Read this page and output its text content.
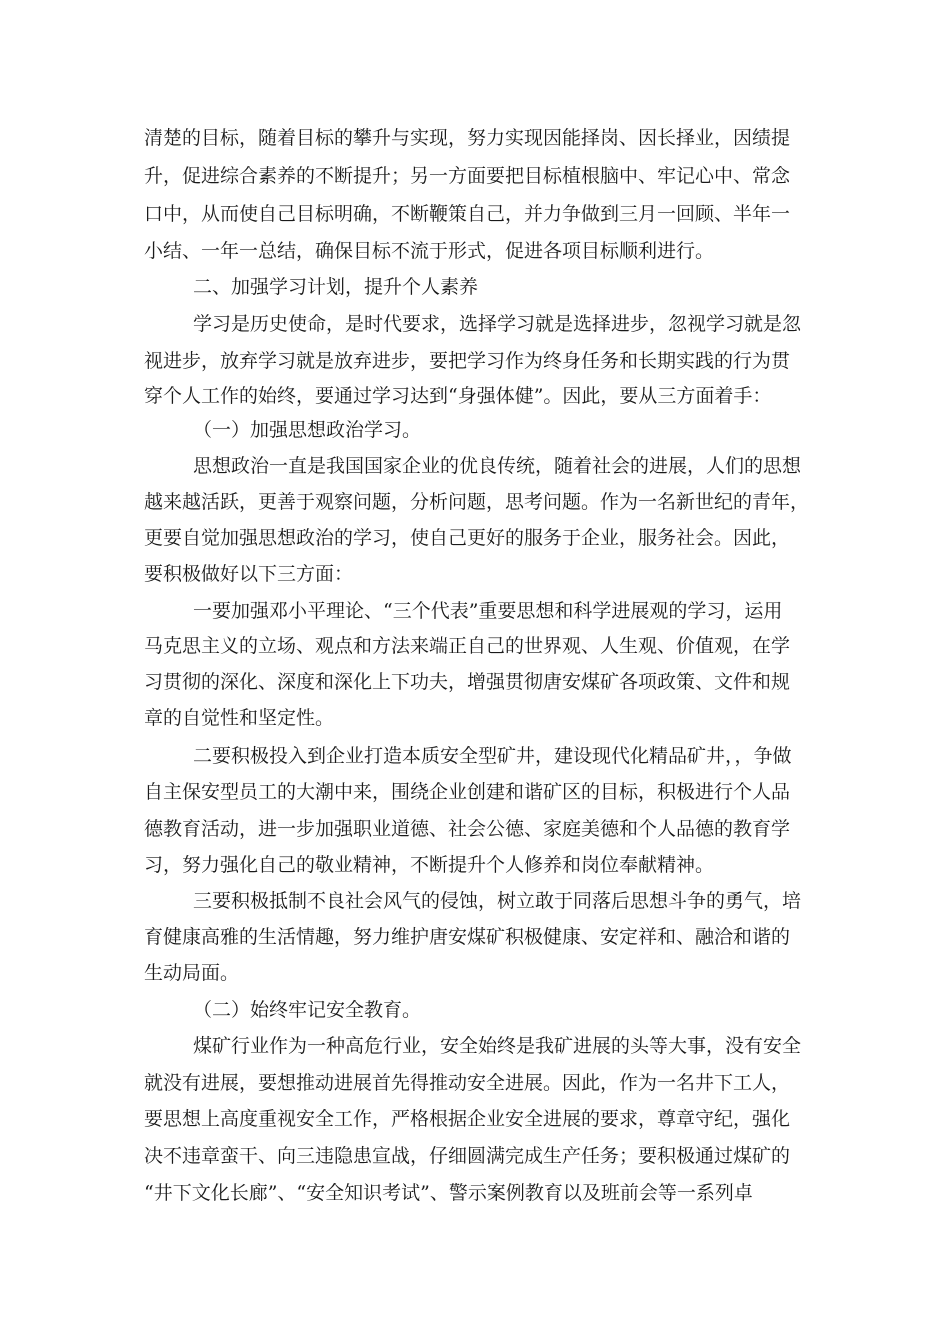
清楚的目标，随着目标的攀升与实现，努力实现因能择岗、因长择业，因绩提

升，促进综合素养的不断提升；另一方面要把目标植根脑中、牢记心中、常念

口中，从而使自己目标明确，不断鞭策自己，并力争做到三月一回顾、半年一

小结、一年一总结，确保目标不流于形式，促进各项目标顺利进行。

二、加强学习计划，提升个人素养

学习是历史使命，是时代要求，选择学习就是选择进步，忽视学习就是忽

视进步，放弃学习就是放弃进步，要把学习作为终身任务和长期实践的行为贯

穿个人工作的始终，要通过学习达到“身强体健”。因此，要从三方面着手：

（一）加强思想政治学习。

思想政治一直是我国国家企业的优良传统，随着社会的进展，人们的思想

越来越活跃，更善于观察问题，分析问题，思考问题。作为一名新世纪的青年，

更要自觉加强思想政治的学习，使自己更好的服务于企业，服务社会。因此，

要积极做好以下三方面：

一要加强邓小平理论、“三个代表”重要思想和科学进展观的学习，运用

马克思主义的立场、观点和方法来端正自己的世界观、人生观、价值观，在学

习贯彻的深化、深度和深化上下功夫，增强贯彻唐安煤矿各项政策、文件和规

章的自觉性和坚定性。

二要积极投入到企业打造本质安全型矿井，建设现代化精品矿井，，争做

自主保安型员工的大潮中来，围绕企业创建和谐矿区的目标，积极进行个人品

德教育活动，进一步加强职业道德、社会公德、家庭美德和个人品德的教育学

习，努力强化自己的敬业精神，不断提升个人修养和岗位奉献精神。

三要积极抵制不良社会风气的侵蚀，树立敢于同落后思想斗争的勇气，培

育健康高雅的生活情趣，努力维护唐安煤矿积极健康、安定祥和、融洽和谐的

生动局面。

（二）始终牢记安全教育。

煤矿行业作为一种高危行业，安全始终是我矿进展的头等大事，没有安全

就没有进展，要想推动进展首先得推动安全进展。因此，作为一名井下工人，

要思想上高度重视安全工作，严格根据企业安全进展的要求，尊章守纪，强化

决不违章蛮干、向三违隐患宣战，仔细圆满完成生产任务；要积极通过煤矿的

“井下文化长廊”、“安全知识考试”、警示案例教育以及班前会等一系列卓
